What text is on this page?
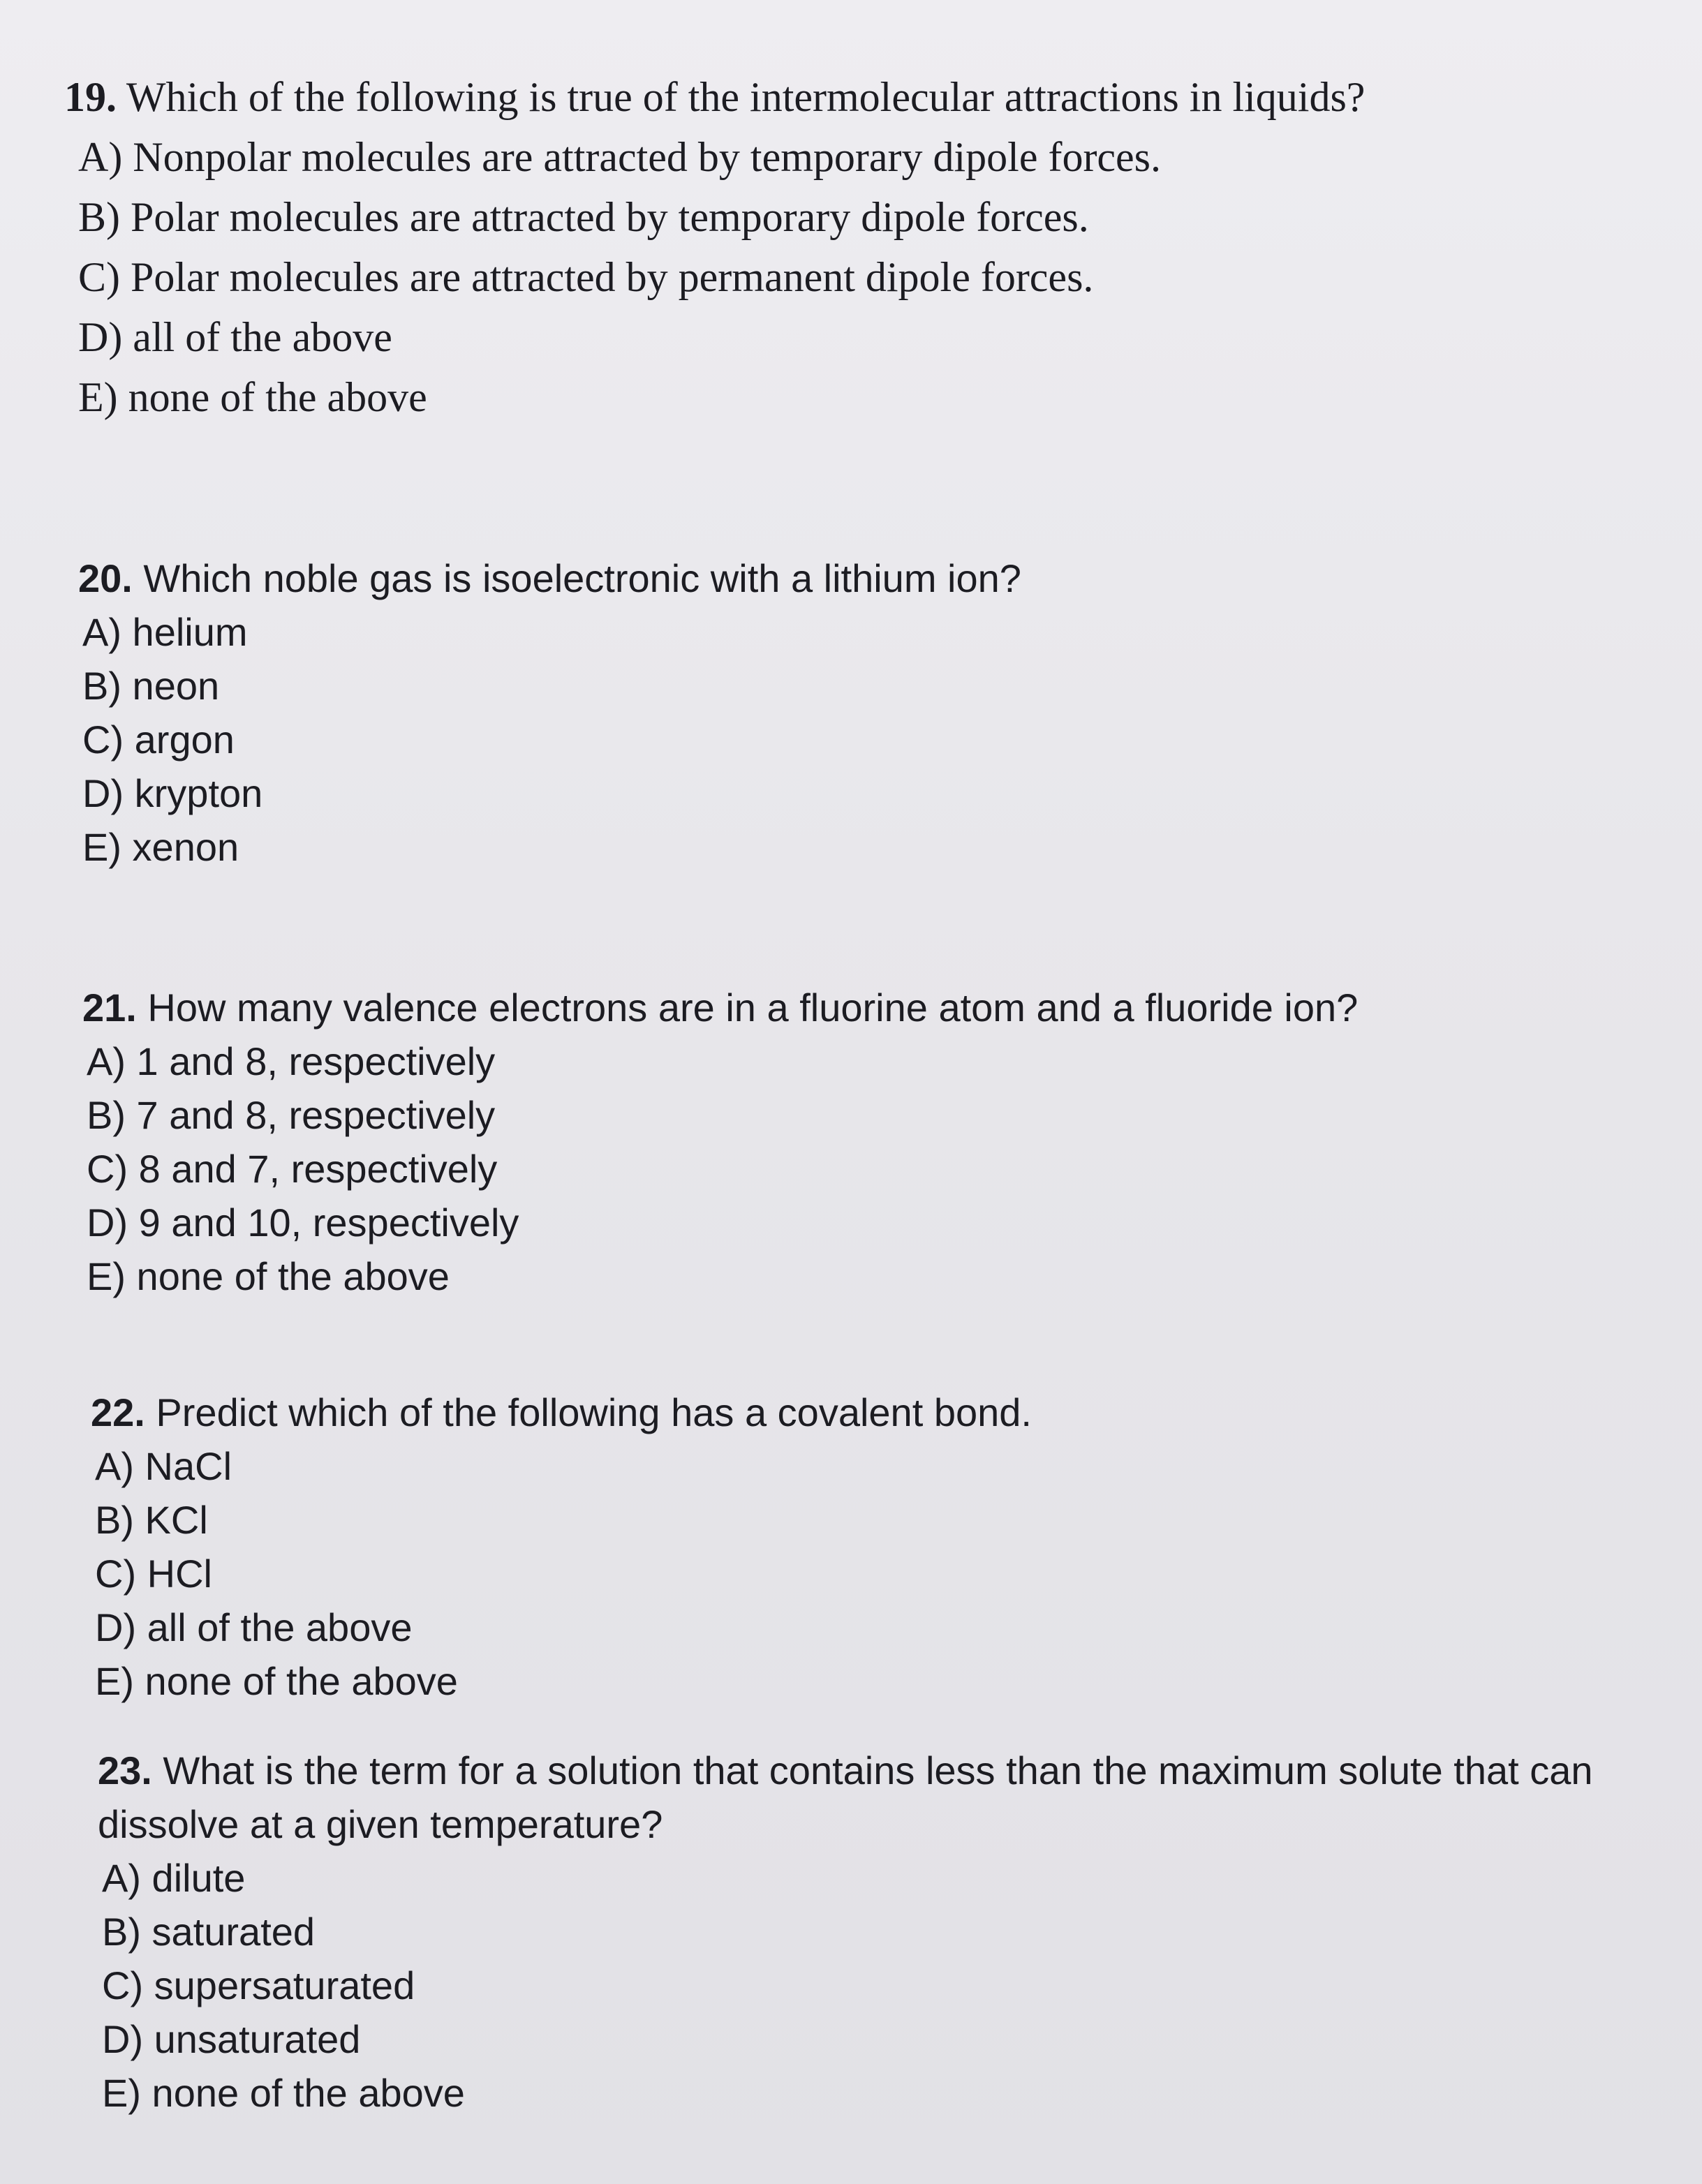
19. Which of the following is true of the intermolecular attractions in liquids?
A) Nonpolar molecules are attracted by temporary dipole forces.
B) Polar molecules are attracted by temporary dipole forces.
C) Polar molecules are attracted by permanent dipole forces.
D) all of the above
E) none of the above
20. Which noble gas is isoelectronic with a lithium ion?
A) helium
B) neon
C) argon
D) krypton
E) xenon
21. How many valence electrons are in a fluorine atom and a fluoride ion?
A) 1 and 8, respectively
B) 7 and 8, respectively
C) 8 and 7, respectively
D) 9 and 10, respectively
E) none of the above
22. Predict which of the following has a covalent bond.
A) NaCl
B) KCl
C) HCl
D) all of the above
E) none of the above
23. What is the term for a solution that contains less than the maximum solute that can
dissolve at a given temperature?
A) dilute
B) saturated
C) supersaturated
D) unsaturated
E) none of the above
